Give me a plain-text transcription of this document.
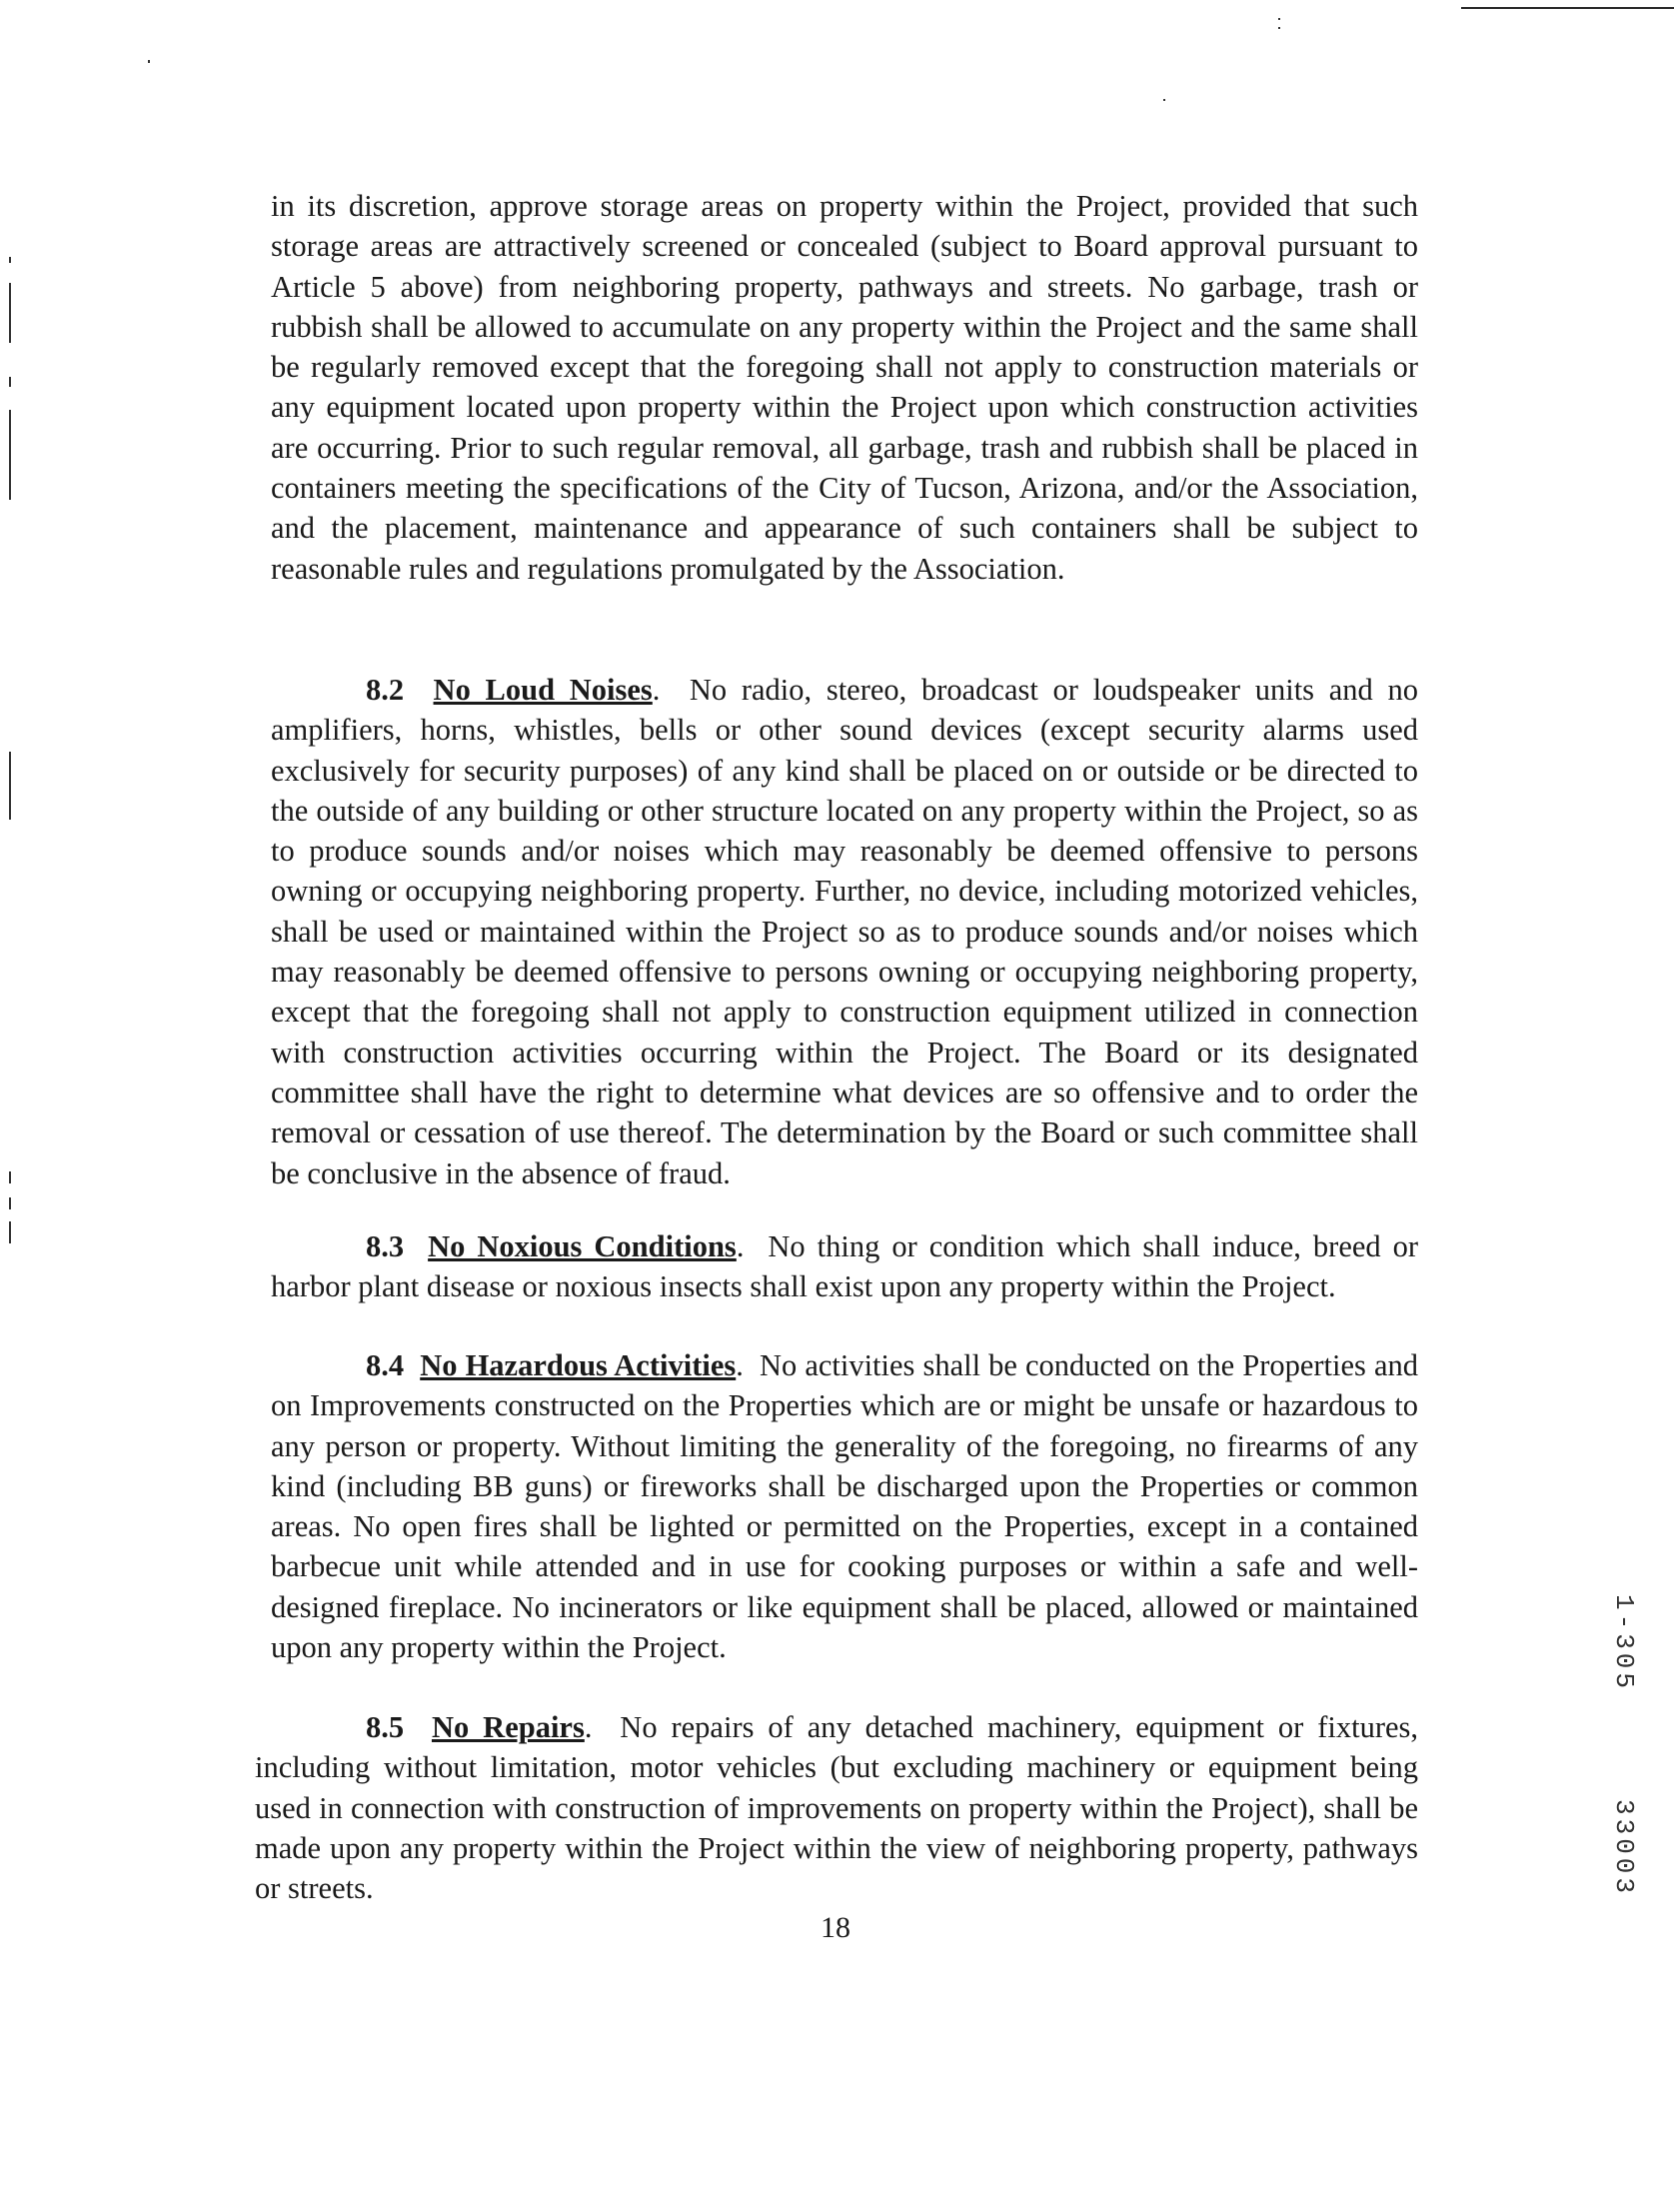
in its discretion, approve storage areas on property within the Project, provided that such storage areas are attractively screened or concealed (subject to Board approval pursuant to Article 5 above) from neighboring property, pathways and streets. No garbage, trash or rubbish shall be allowed to accumulate on any property within the Project and the same shall be regularly removed except that the foregoing shall not apply to construction materials or any equipment located upon property within the Project upon which construction activities are occurring. Prior to such regular removal, all garbage, trash and rubbish shall be placed in containers meeting the specifications of the City of Tucson, Arizona, and/or the Association, and the placement, maintenance and appearance of such containers shall be subject to reasonable rules and regulations promulgated by the Association.

8.2 No Loud Noises. No radio, stereo, broadcast or loudspeaker units and no amplifiers, horns, whistles, bells or other sound devices (except security alarms used exclusively for security purposes) of any kind shall be placed on or outside or be directed to the outside of any building or other structure located on any property within the Project, so as to produce sounds and/or noises which may reasonably be deemed offensive to persons owning or occupying neighboring property. Further, no device, including motorized vehicles, shall be used or maintained within the Project so as to produce sounds and/or noises which may reasonably be deemed offensive to persons owning or occupying neighboring property, except that the foregoing shall not apply to construction equipment utilized in connection with construction activities occurring within the Project. The Board or its designated committee shall have the right to determine what devices are so offensive and to order the removal or cessation of use thereof. The determination by the Board or such committee shall be conclusive in the absence of fraud.

8.3 No Noxious Conditions. No thing or condition which shall induce, breed or harbor plant disease or noxious insects shall exist upon any property within the Project.

8.4 No Hazardous Activities. No activities shall be conducted on the Properties and on Improvements constructed on the Properties which are or might be unsafe or hazardous to any person or property. Without limiting the generality of the foregoing, no firearms of any kind (including BB guns) or fireworks shall be discharged upon the Properties or common areas. No open fires shall be lighted or permitted on the Properties, except in a contained barbecue unit while attended and in use for cooking purposes or within a safe and well-designed fireplace. No incinerators or like equipment shall be placed, allowed or maintained upon any property within the Project.

8.5 No Repairs. No repairs of any detached machinery, equipment or fixtures, including without limitation, motor vehicles (but excluding machinery or equipment being used in connection with construction of improvements on property within the Project), shall be made upon any property within the Project within the view of neighboring property, pathways or streets.

18

1-305

33003
